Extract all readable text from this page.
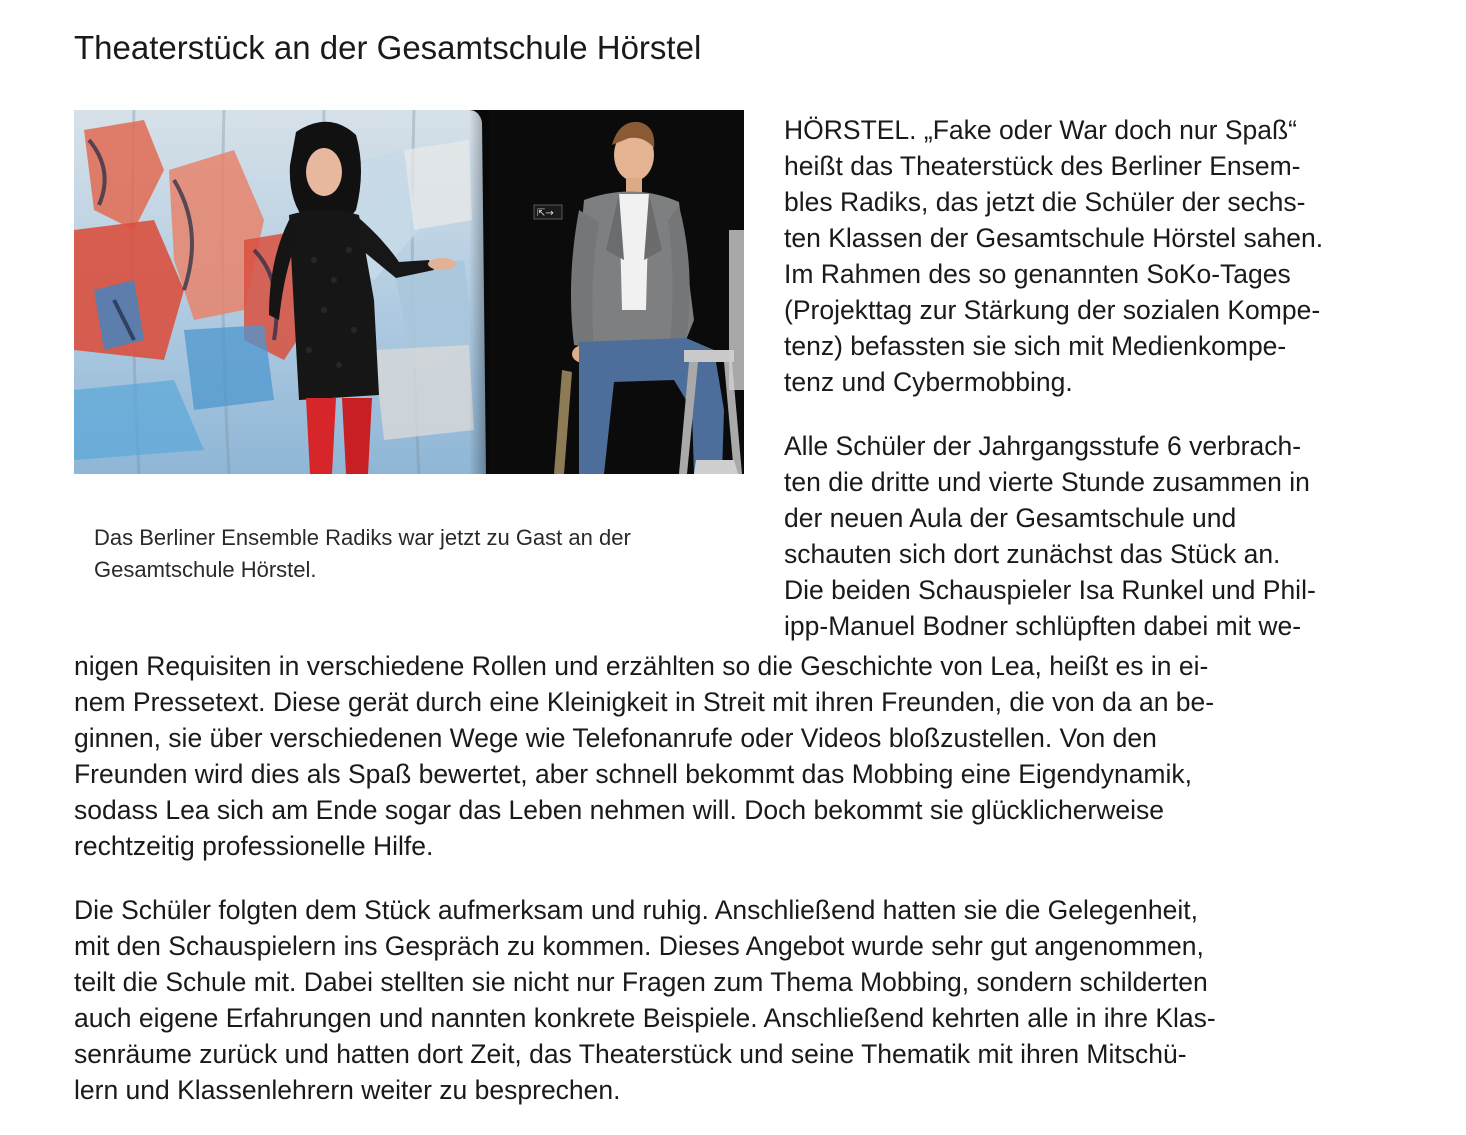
Theaterstück an der Gesamtschule Hörstel
⇱→

Das Berliner Ensemble Radiks war jetzt zu Gast an der
Gesamtschule Hörstel.

HÖRSTEL. „Fake oder War doch nur Spaß“
heißt das Theaterstück des Berliner Ensem-
bles Radiks, das jetzt die Schüler der sechs-
ten Klassen der Gesamtschule Hörstel sahen.
Im Rahmen des so genannten SoKo-Tages
(Projekttag zur Stärkung der sozialen Kompe-
tenz) befassten sie sich mit Medienkompe-
tenz und Cybermobbing.

Alle Schüler der Jahrgangsstufe 6 verbrach-
ten die dritte und vierte Stunde zusammen in
der neuen Aula der Gesamtschule und
schauten sich dort zunächst das Stück an.
Die beiden Schauspieler Isa Runkel und Phil-
ipp-Manuel Bodner schlüpften dabei mit we-

nigen Requisiten in verschiedene Rollen und erzählten so die Geschichte von Lea, heißt es in ei-
nem Pressetext. Diese gerät durch eine Kleinigkeit in Streit mit ihren Freunden, die von da an be-
ginnen, sie über verschiedenen Wege wie Telefonanrufe oder Videos bloßzustellen. Von den
Freunden wird dies als Spaß bewertet, aber schnell bekommt das Mobbing eine Eigendynamik,
sodass Lea sich am Ende sogar das Leben nehmen will. Doch bekommt sie glücklicherweise
rechtzeitig professionelle Hilfe.

Die Schüler folgten dem Stück aufmerksam und ruhig. Anschließend hatten sie die Gelegenheit,
mit den Schauspielern ins Gespräch zu kommen. Dieses Angebot wurde sehr gut angenommen,
teilt die Schule mit. Dabei stellten sie nicht nur Fragen zum Thema Mobbing, sondern schilderten
auch eigene Erfahrungen und nannten konkrete Beispiele. Anschließend kehrten alle in ihre Klas-
senräume zurück und hatten dort Zeit, das Theaterstück und seine Thematik mit ihren Mitschü-
lern und Klassenlehrern weiter zu besprechen.
